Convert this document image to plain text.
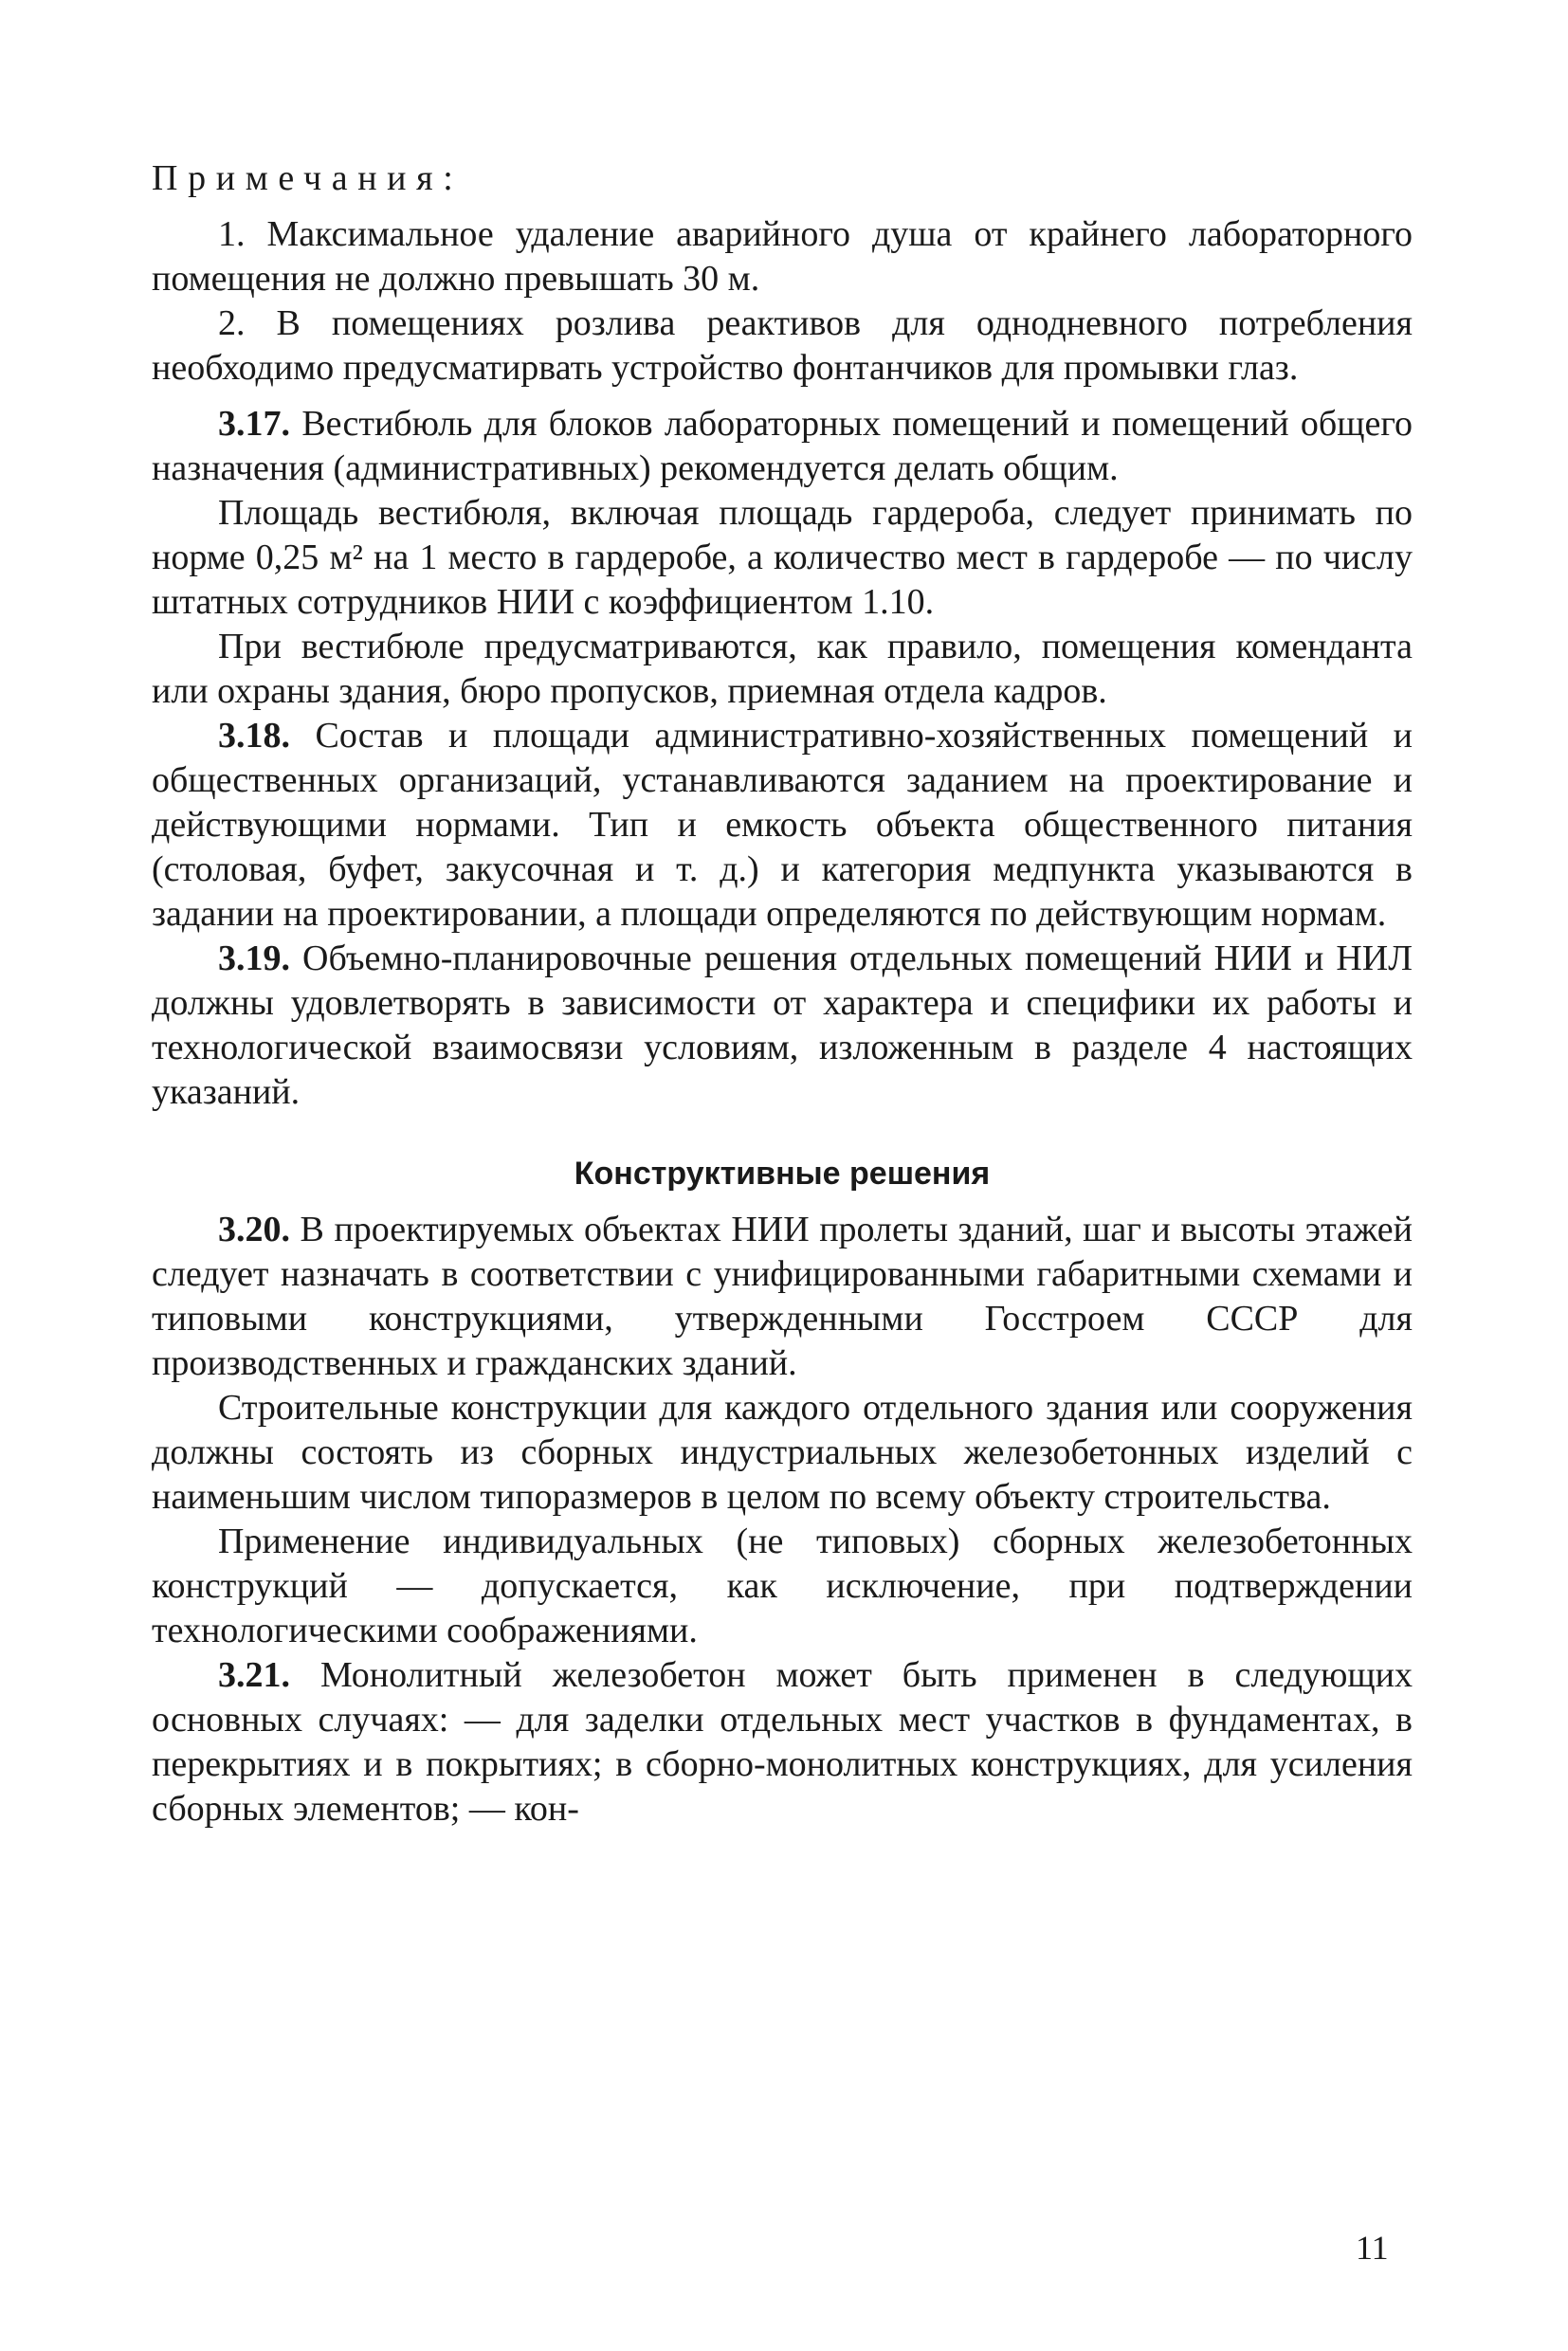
Примечания:

1. Максимальное удаление аварийного душа от крайнего лабораторного помещения не должно превышать 30 м.

2. В помещениях розлива реактивов для однодневного потребления необходимо предусматирвать устройство фонтанчиков для промывки глаз.

3.17. Вестибюль для блоков лабораторных помещений и помещений общего назначения (административных) рекомендуется делать общим.

Площадь вестибюля, включая площадь гардероба, следует принимать по норме 0,25 м² на 1 место в гардеробе, а количество мест в гардеробе — по числу штатных сотрудников НИИ с коэффициентом 1.10.

При вестибюле предусматриваются, как правило, помещения коменданта или охраны здания, бюро пропусков, приемная отдела кадров.

3.18. Состав и площади административно-хозяйственных помещений и общественных организаций, устанавливаются заданием на проектирование и действующими нормами. Тип и емкость объекта общественного питания (столовая, буфет, закусочная и т. д.) и категория медпункта указываются в задании на проектировании, а площади определяются по действующим нормам.

3.19. Объемно-планировочные решения отдельных помещений НИИ и НИЛ должны удовлетворять в зависимости от характера и специфики их работы и технологической взаимосвязи условиям, изложенным в разделе 4 настоящих указаний.

Конструктивные решения

3.20. В проектируемых объектах НИИ пролеты зданий, шаг и высоты этажей следует назначать в соответствии с унифицированными габаритными схемами и типовыми конструкциями, утвержденными Госстроем СССР для производственных и гражданских зданий.

Строительные конструкции для каждого отдельного здания или сооружения должны состоять из сборных индустриальных железобетонных изделий с наименьшим числом типоразмеров в целом по всему объекту строительства.

Применение индивидуальных (не типовых) сборных железобетонных конструкций — допускается, как исключение, при подтверждении технологическими соображениями.

3.21. Монолитный железобетон может быть применен в следующих основных случаях: — для заделки отдельных мест участков в фундаментах, в перекрытиях и в покрытиях; в сборно-монолитных конструкциях, для усиления сборных элементов; — кон-

11
